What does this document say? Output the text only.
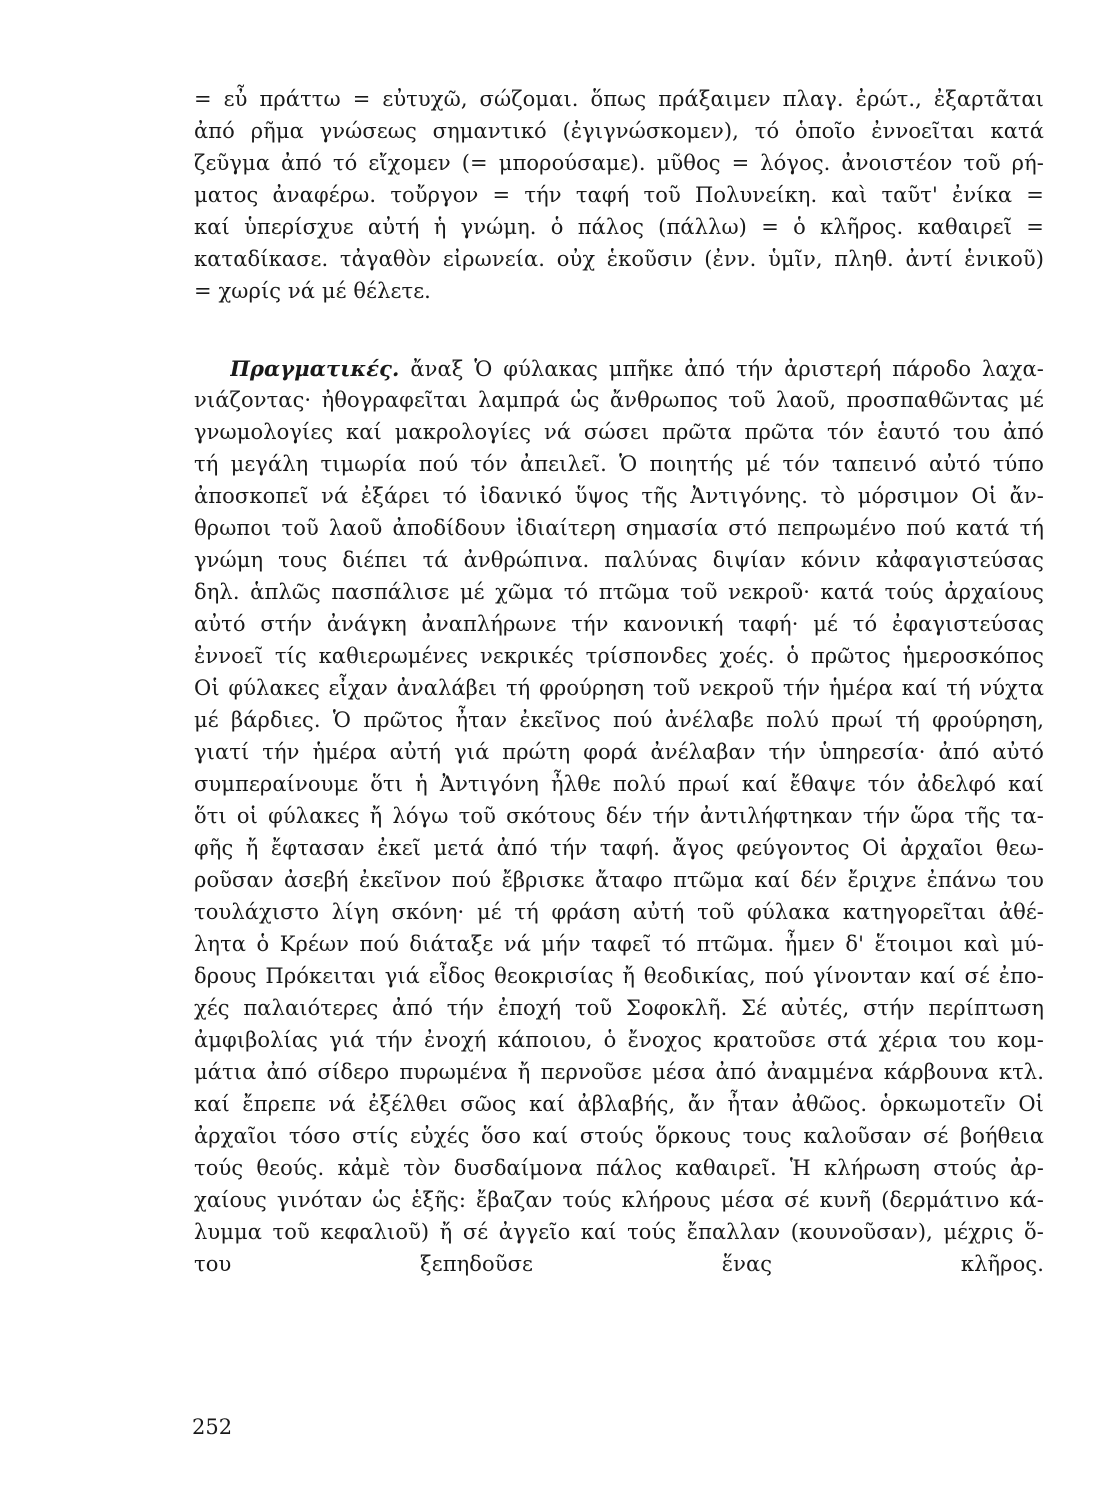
= εὖ πράττω = εὐτυχῶ, σώζομαι. ὅπως πράξαιμεν πλαγ. ἐρώτ., ἐξαρτᾶται
ἀπό ρῆμα γνώσεως σημαντικό (ἐγιγνώσκομεν), τό ὁποῖο ἐννοεῖται κατά
ζεῦγμα ἀπό τό εἴχομεν (= μπορούσαμε). μῦθος = λόγος. ἀνοιστέον τοῦ ρή-
ματος ἀναφέρω. τοὔργον = τήν ταφή τοῦ Πολυνείκη. καὶ ταῦτ' ἐνίκα =
καί ὑπερίσχυε αὐτή ἡ γνώμη. ὁ πάλος (πάλλω) = ὁ κλῆρος. καθαιρεῖ =
καταδίκασε. τἀγαθὸν εἰρωνεία. οὐχ ἑκοῦσιν (ἐνν. ὑμῖν, πληθ. ἀντί ἑνικοῦ)
= χωρίς νά μέ θέλετε.
Πραγματικές. ἄναξ Ὁ φύλακας μπῆκε ἀπό τήν ἀριστερή πάροδο λαχα-
νιάζοντας· ἠθογραφεῖται λαμπρά ὡς ἄνθρωπος τοῦ λαοῦ, προσπαθῶντας μέ
γνωμολογίες καί μακρολογίες νά σώσει πρῶτα πρῶτα τόν ἑαυτό του ἀπό
τή μεγάλη τιμωρία πού τόν ἀπειλεῖ. Ὁ ποιητής μέ τόν ταπεινό αὐτό τύπο
ἀποσκοπεῖ νά ἐξάρει τό ἰδανικό ὕψος τῆς Ἀντιγόνης. τὸ μόρσιμον Οἱ ἄν-
θρωποι τοῦ λαοῦ ἀποδίδουν ἰδιαίτερη σημασία στό πεπρωμένο πού κατά τή
γνώμη τους διέπει τά ἀνθρώπινα. παλύνας διψίαν κόνιν κἀφαγιστεύσας
δηλ. ἁπλῶς πασπάλισε μέ χῶμα τό πτῶμα τοῦ νεκροῦ· κατά τούς ἀρχαίους
αὐτό στήν ἀνάγκη ἀναπλήρωνε τήν κανονική ταφή· μέ τό ἐφαγιστεύσας
ἐννοεῖ τίς καθιερωμένες νεκρικές τρίσπονδες χοές. ὁ πρῶτος ἡμεροσκόπος
Οἱ φύλακες εἶχαν ἀναλάβει τή φρούρηση τοῦ νεκροῦ τήν ἡμέρα καί τή νύχτα
μέ βάρδιες. Ὁ πρῶτος ἦταν ἐκεῖνος πού ἀνέλαβε πολύ πρωί τή φρούρηση,
γιατί τήν ἡμέρα αὐτή γιά πρώτη φορά ἀνέλαβαν τήν ὑπηρεσία· ἀπό αὐτό
συμπεραίνουμε ὅτι ἡ Ἀντιγόνη ἦλθε πολύ πρωί καί ἔθαψε τόν ἀδελφό καί
ὅτι οἱ φύλακες ἤ λόγω τοῦ σκότους δέν τήν ἀντιλήφτηκαν τήν ὥρα τῆς τα-
φῆς ἤ ἔφτασαν ἐκεῖ μετά ἀπό τήν ταφή. ἄγος φεύγοντος Οἱ ἀρχαῖοι θεω-
ροῦσαν ἀσεβή ἐκεῖνον πού ἔβρισκε ἄταφο πτῶμα καί δέν ἔριχνε ἐπάνω του
τουλάχιστο λίγη σκόνη· μέ τή φράση αὐτή τοῦ φύλακα κατηγορεῖται ἀθέ-
λητα ὁ Κρέων πού διάταξε νά μήν ταφεῖ τό πτῶμα. ἦμεν δ' ἕτοιμοι καὶ μύ-
δρους Πρόκειται γιά εἶδος θεοκρισίας ἤ θεοδικίας, πού γίνονταν καί σέ ἐπο-
χές παλαιότερες ἀπό τήν ἐποχή τοῦ Σοφοκλῆ. Σέ αὐτές, στήν περίπτωση
ἀμφιβολίας γιά τήν ἐνοχή κάποιου, ὁ ἔνοχος κρατοῦσε στά χέρια του κομ-
μάτια ἀπό σίδερο πυρωμένα ἤ περνοῦσε μέσα ἀπό ἀναμμένα κάρβουνα κτλ.
καί ἔπρεπε νά ἐξέλθει σῶος καί ἀβλαβής, ἄν ἦταν ἀθῶος. ὁρκωμοτεῖν Οἱ
ἀρχαῖοι τόσο στίς εὐχές ὅσο καί στούς ὅρκους τους καλοῦσαν σέ βοήθεια
τούς θεούς. κἀμὲ τὸν δυσδαίμονα πάλος καθαιρεῖ. Ἡ κλήρωση στούς ἀρ-
χαίους γινόταν ὡς ἑξῆς: ἔβαζαν τούς κλήρους μέσα σέ κυνῆ (δερμάτινο κά-
λυμμα τοῦ κεφαλιοῦ) ἤ σέ ἀγγεῖο καί τούς ἔπαλλαν (κουνοῦσαν), μέχρις ὅ-
του ξεπηδοῦσε ἕνας κλῆρος.
252
